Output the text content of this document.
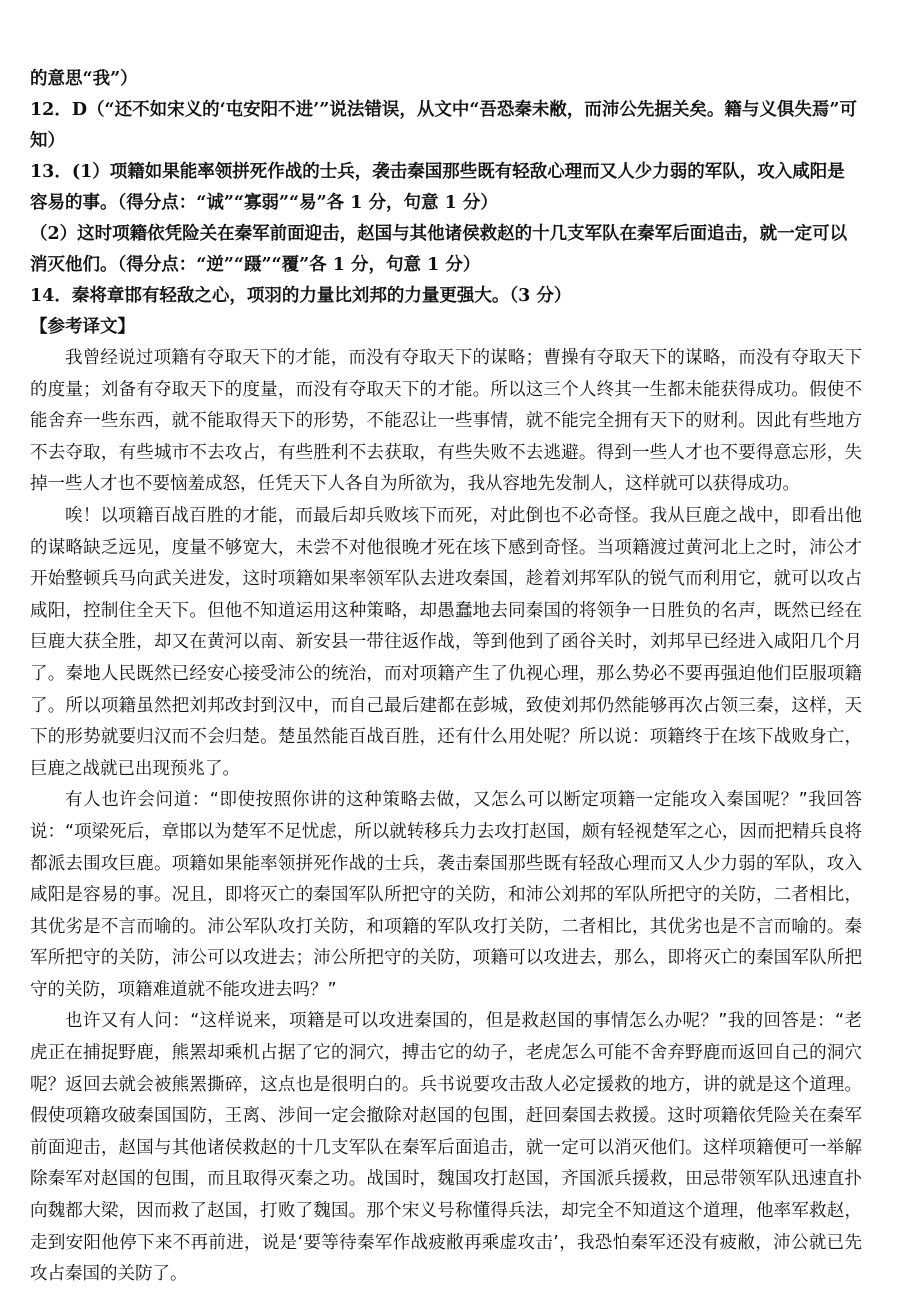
的意思“我”）
12．D（“还不如宋义的‘屯安阳不进’”说法错误，从文中“吾恐秦未敝，而沛公先据关矣。籍与义俱失焉”可知）
13．(1）项籍如果能率领拼死作战的士兵，袭击秦国那些既有轻敌心理而又人少力弱的军队，攻入咸阳是容易的事。（得分点：“诚”“寡弱”“易”各 1 分，句意 1 分）
（2）这时项籍依凭险关在秦军前面迎击，赵国与其他诸侯救赵的十几支军队在秦军后面追击，就一定可以消灭他们。（得分点：“逆”“蹑”“覆”各 1 分，句意 1 分）
14．秦将章邯有轻敌之心，项羽的力量比刘邦的力量更强大。（3 分）
【参考译文】

我曾经说过项籍有夺取天下的才能，而没有夺取天下的谋略；曹操有夺取天下的谋略，而没有夺取天下的度量；刘备有夺取天下的度量，而没有夺取天下的才能。所以这三个人终其一生都未能获得成功。假使不能舍弃一些东西，就不能取得天下的形势，不能忍让一些事情，就不能完全拥有天下的财利。因此有些地方不去夺取，有些城市不去攻占，有些胜利不去获取，有些失败不去逃避。得到一些人才也不要得意忘形，失掉一些人才也不要恼羞成怒，任凭天下人各自为所欲为，我从容地先发制人，这样就可以获得成功。

唉！以项籍百战百胜的才能，而最后却兵败垓下而死，对此倒也不必奇怪。我从巨鹿之战中，即看出他的谋略缺乏远见，度量不够宽大，未尝不对他很晚才死在垓下感到奇怪。当项籍渡过黄河北上之时，沛公才开始整顿兵马向武关进发，这时项籍如果率领军队去进攻秦国，趁着刘邦军队的锐气而利用它，就可以攻占咸阳，控制住全天下。但他不知道运用这种策略，却愚蠢地去同秦国的将领争一日胜负的名声，既然已经在巨鹿大获全胜，却又在黄河以南、新安县一带往返作战，等到他到了函谷关时，刘邦早已经进入咸阳几个月了。秦地人民既然已经安心接受沛公的统治，而对项籍产生了仇视心理，那么势必不要再强迫他们臣服项籍了。所以项籍虽然把刘邦改封到汉中，而自己最后建都在彭城，致使刘邦仍然能够再次占领三秦，这样，天下的形势就要归汉而不会归楚。楚虽然能百战百胜，还有什么用处呢？所以说：项籍终于在垓下战败身亡，巨鹿之战就已出现预兆了。

有人也许会问道：“即使按照你讲的这种策略去做，又怎么可以断定项籍一定能攻入秦国呢？”我回答说：“项梁死后，章邯以为楚军不足忧虑，所以就转移兵力去攻打赵国，颇有轻视楚军之心，因而把精兵良将都派去围攻巨鹿。项籍如果能率领拼死作战的士兵，袭击秦国那些既有轻敌心理而又人少力弱的军队，攻入咸阳是容易的事。况且，即将灭亡的秦国军队所把守的关防，和沛公刘邦的军队所把守的关防，二者相比，其优劣是不言而喻的。沛公军队攻打关防，和项籍的军队攻打关防，二者相比，其优劣也是不言而喻的。秦军所把守的关防，沛公可以攻进去；沛公所把守的关防，项籍可以攻进去，那么，即将灭亡的秦国军队所把守的关防，项籍难道就不能攻进去吗？”

也许又有人问：“这样说来，项籍是可以攻进秦国的，但是救赵国的事情怎么办呢？”我的回答是：“老虎正在捕捉野鹿，熊罴却乘机占据了它的洞穴，搏击它的幼子，老虎怎么可能不舍弃野鹿而返回自己的洞穴呢？返回去就会被熊罴撕碎，这点也是很明白的。兵书说要攻击敌人必定援救的地方，讲的就是这个道理。假使项籍攻破秦国国防，王离、涉间一定会撤除对赵国的包围，赶回秦国去救援。这时项籍依凭险关在秦军前面迎击，赵国与其他诸侯救赵的十几支军队在秦军后面追击，就一定可以消灭他们。这样项籍便可一举解除秦军对赵国的包围，而且取得灭秦之功。战国时，魏国攻打赵国，齐国派兵援救，田忌带领军队迅速直扑向魏都大梁，因而救了赵国，打败了魏国。那个宋义号称懂得兵法，却完全不知道这个道理，他率军救赵，走到安阳他停下来不再前进，说是‘要等待秦军作战疲敝再乘虚攻击’，我恐怕秦军还没有疲敝，沛公就已先攻占秦国的关防了。
